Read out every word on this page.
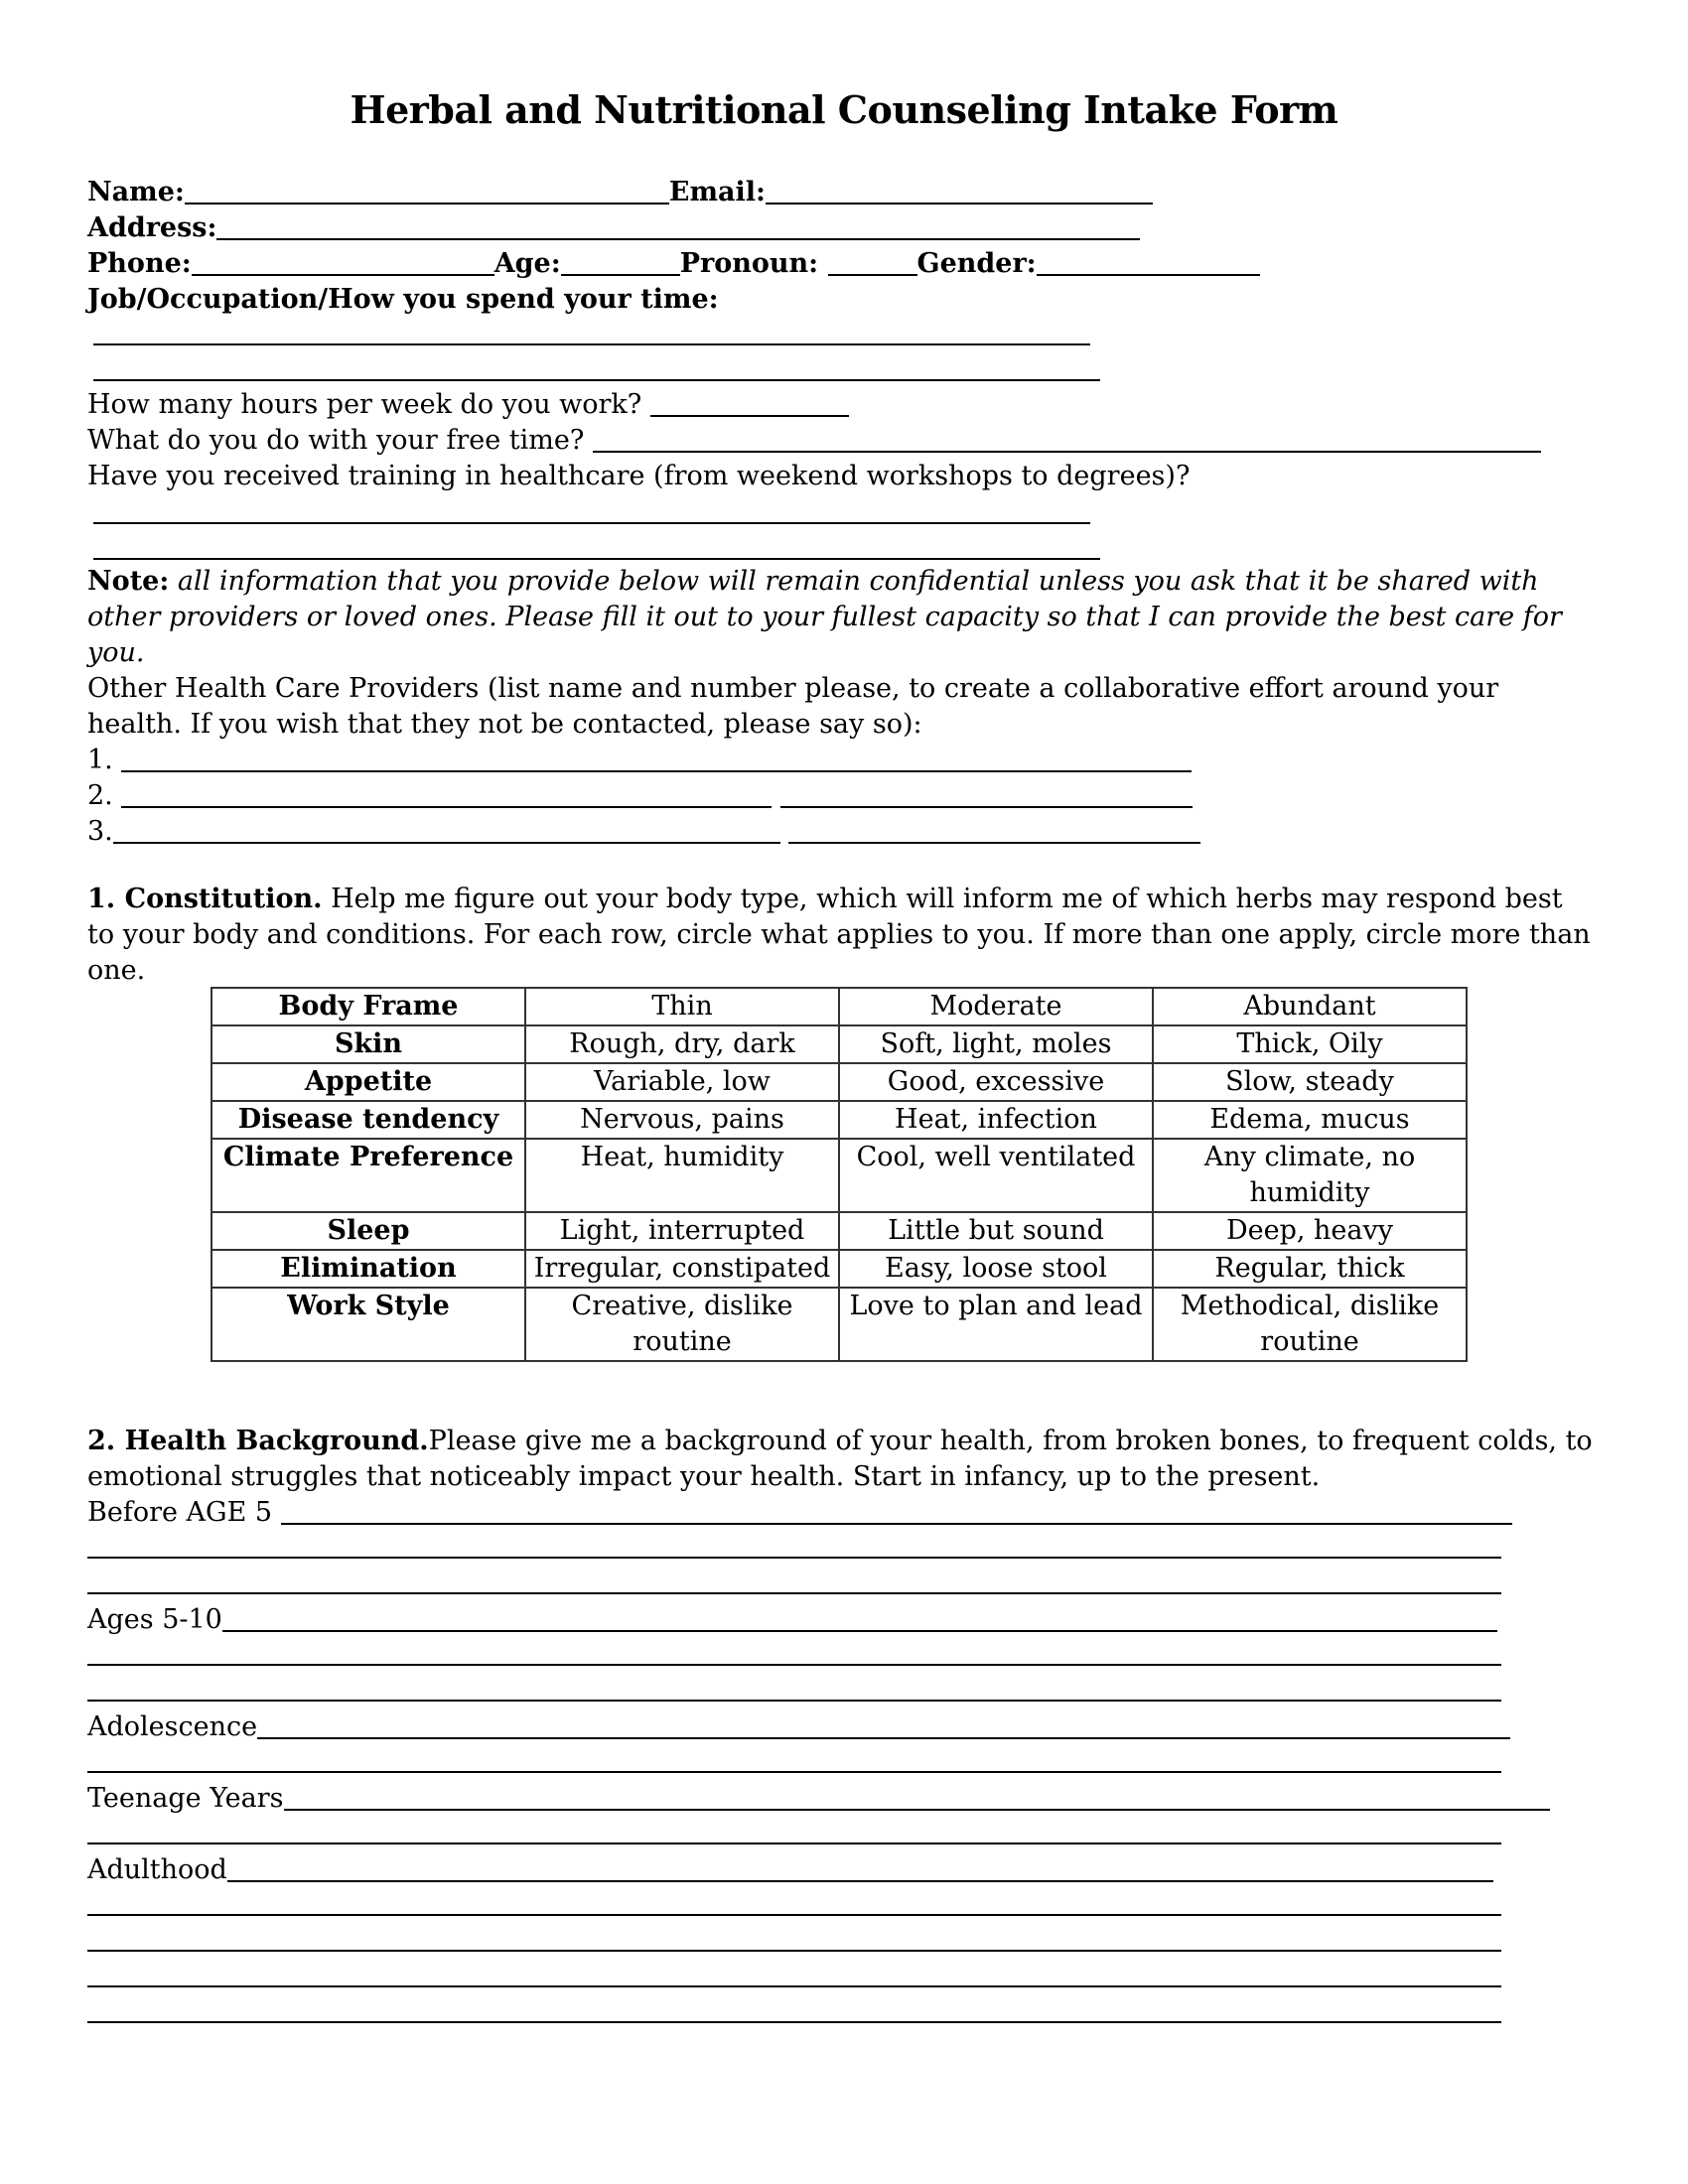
Herbal and Nutritional Counseling Intake Form
Name:	Email:
Address:
Phone:	Age:	Pronoun:	Gender:
Job/Occupation/How you spend your time:
How many hours per week do you work?
What do you do with your free time?
Have you received training in healthcare (from weekend workshops to degrees)?
Note: all information that you provide below will remain confidential unless you ask that it be shared with other providers or loved ones. Please fill it out to your fullest capacity so that I can provide the best care for you.
Other Health Care Providers (list name and number please, to create a collaborative effort around your health. If you wish that they not be contacted, please say so):
1.
2.
3.
1. Constitution. Help me figure out your body type, which will inform me of which herbs may respond best to your body and conditions. For each row, circle what applies to you. If more than one apply, circle more than one.
Body Frame	Thin	Moderate	Abundant
Skin	Rough, dry, dark	Soft, light, moles	Thick, Oily
Appetite	Variable, low	Good, excessive	Slow, steady
Disease tendency	Nervous, pains	Heat, infection	Edema, mucus
Climate Preference	Heat, humidity	Cool, well ventilated	Any climate, no humidity
Sleep	Light, interrupted	Little but sound	Deep, heavy
Elimination	Irregular, constipated	Easy, loose stool	Regular, thick
Work Style	Creative, dislike routine	Love to plan and lead	Methodical, dislike routine
2. Health Background.Please give me a background of your health, from broken bones, to frequent colds, to emotional struggles that noticeably impact your health. Start in infancy, up to the present.
Before AGE 5
Ages 5-10
Adolescence
Teenage Years
Adulthood
